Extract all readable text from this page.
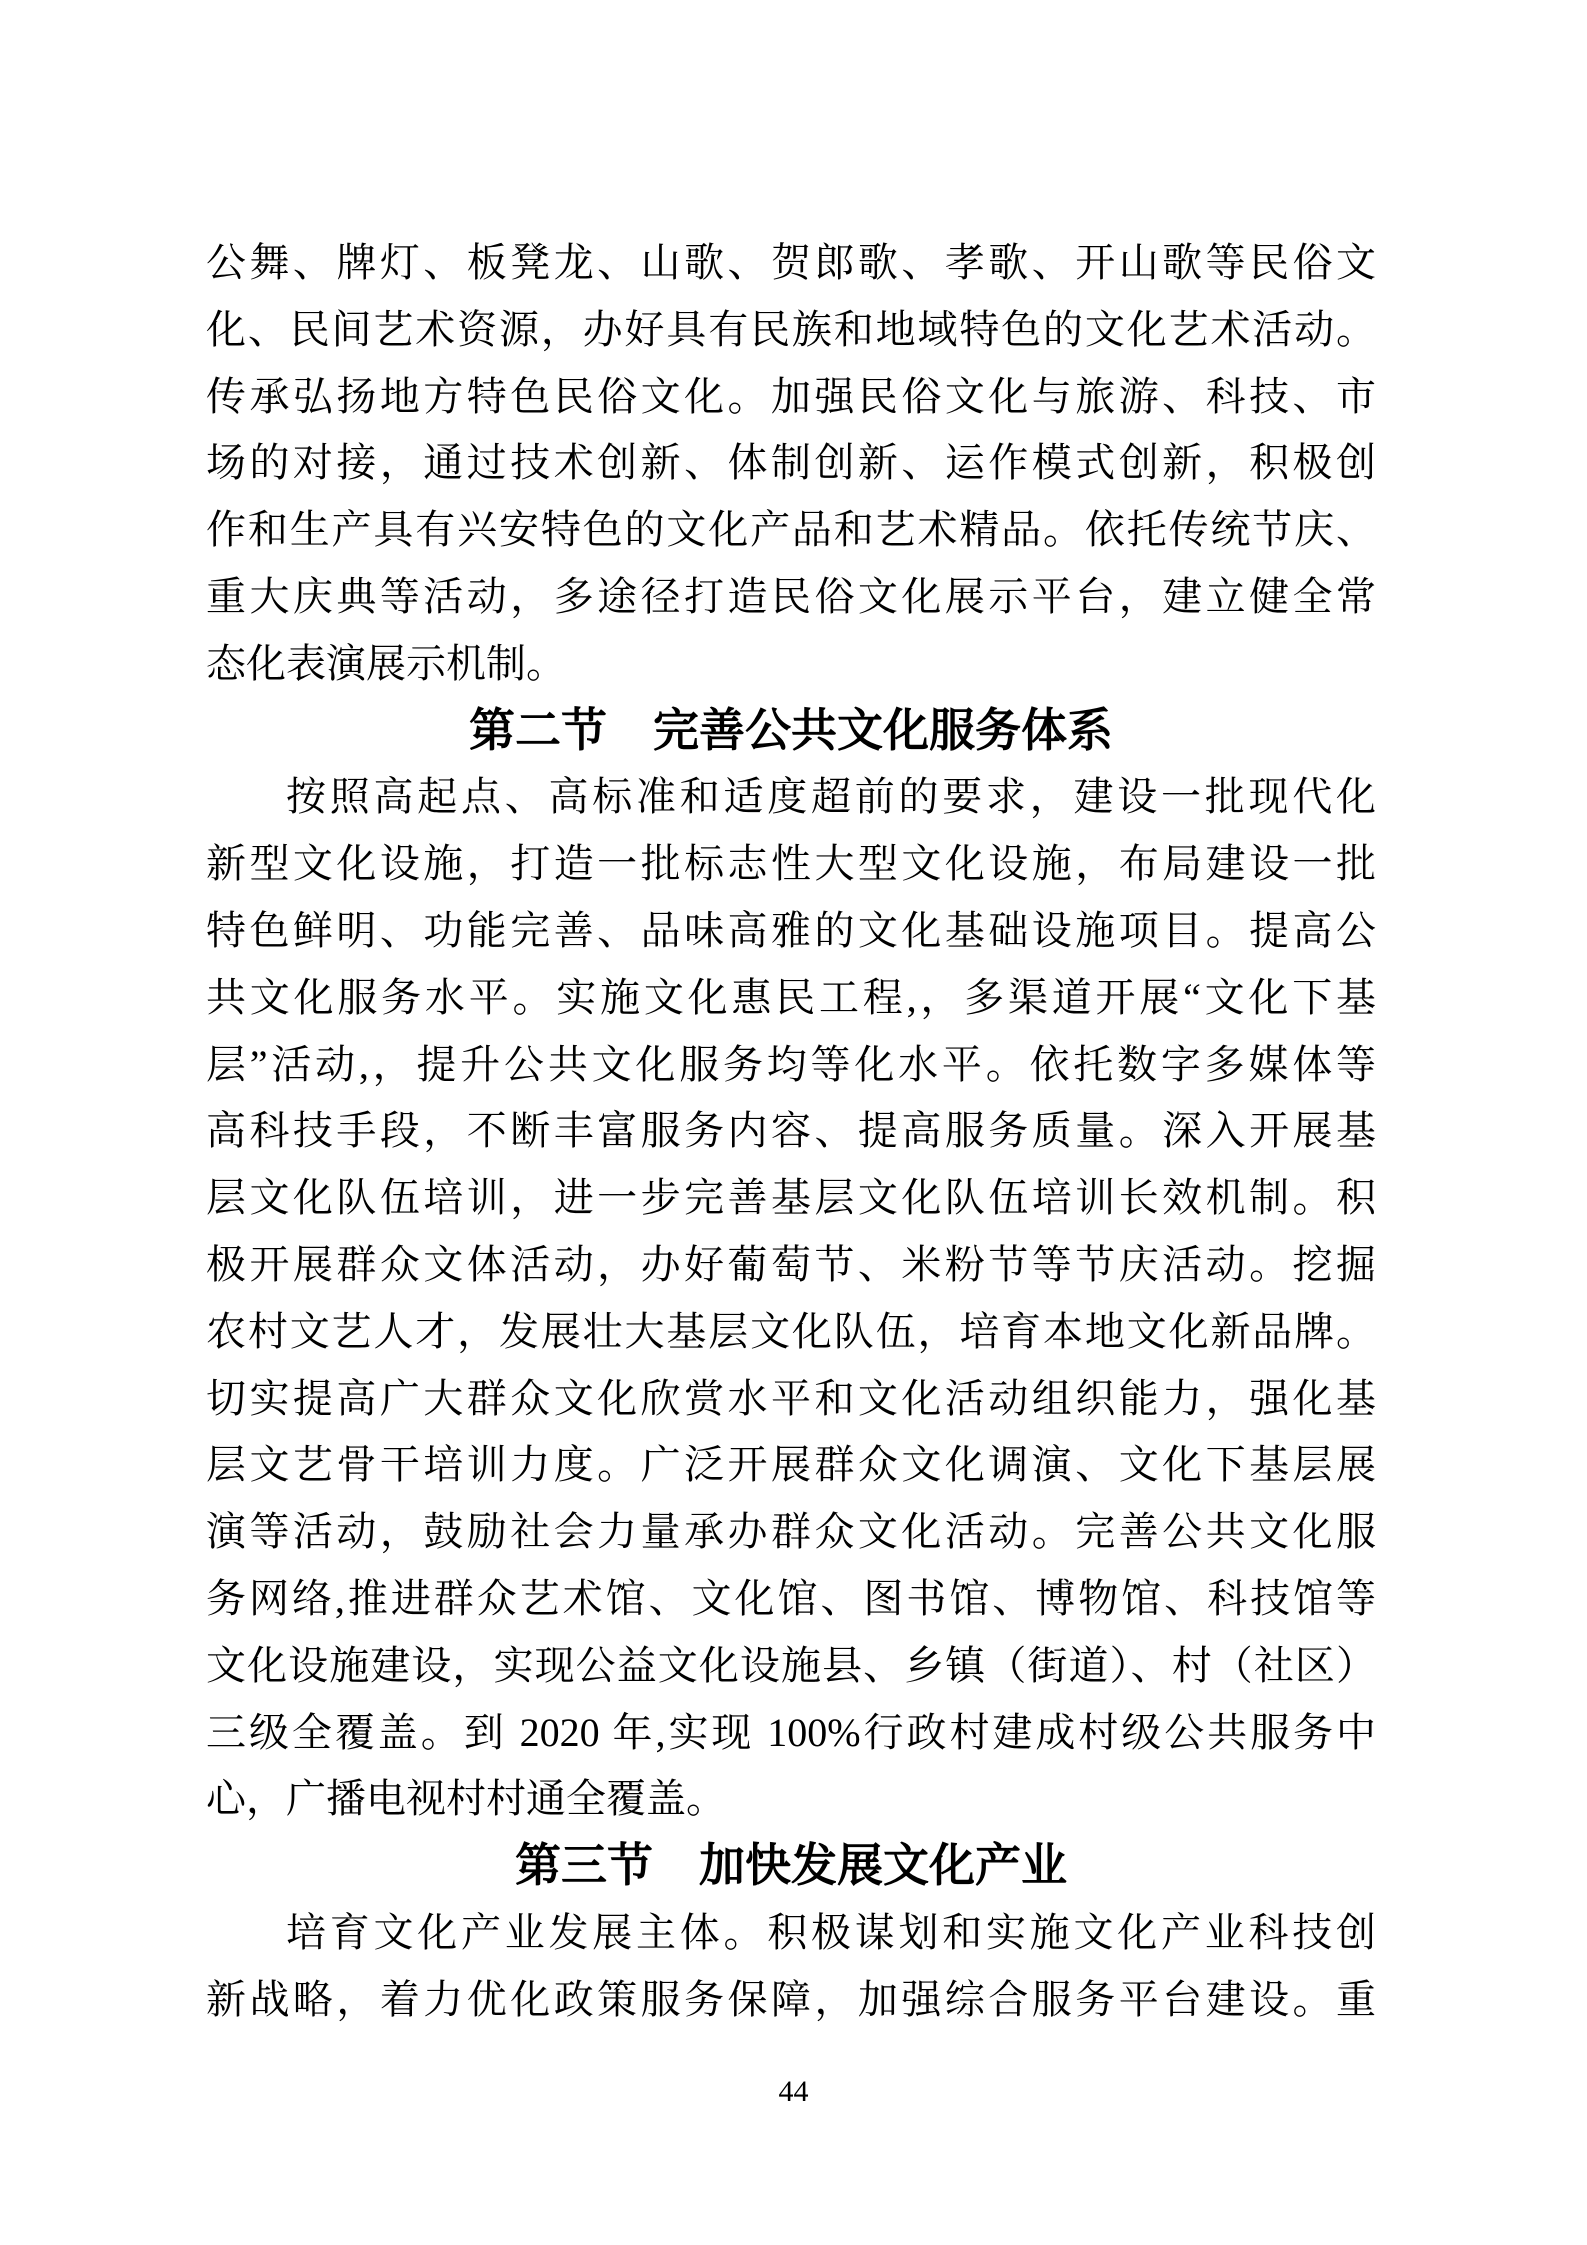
公舞、牌灯、板凳龙、山歌、贺郎歌、孝歌、开山歌等民俗文
化、民间艺术资源，办好具有民族和地域特色的文化艺术活动。
传承弘扬地方特色民俗文化。加强民俗文化与旅游、科技、市
场的对接，通过技术创新、体制创新、运作模式创新，积极创
作和生产具有兴安特色的文化产品和艺术精品。依托传统节庆、
重大庆典等活动，多途径打造民俗文化展示平台，建立健全常
态化表演展示机制。
第二节　完善公共文化服务体系
按照高起点、高标准和适度超前的要求，建设一批现代化
新型文化设施，打造一批标志性大型文化设施，布局建设一批
特色鲜明、功能完善、品味高雅的文化基础设施项目。提高公
共文化服务水平。实施文化惠民工程,，多渠道开展“文化下基
层”活动,，提升公共文化服务均等化水平。依托数字多媒体等
高科技手段，不断丰富服务内容、提高服务质量。深入开展基
层文化队伍培训，进一步完善基层文化队伍培训长效机制。积
极开展群众文体活动，办好葡萄节、米粉节等节庆活动。挖掘
农村文艺人才，发展壮大基层文化队伍，培育本地文化新品牌。
切实提高广大群众文化欣赏水平和文化活动组织能力，强化基
层文艺骨干培训力度。广泛开展群众文化调演、文化下基层展
演等活动，鼓励社会力量承办群众文化活动。完善公共文化服
务网络,推进群众艺术馆、文化馆、图书馆、博物馆、科技馆等
文化设施建设，实现公益文化设施县、乡镇（街道）、村（社区）
三级全覆盖。到 2020 年,实现 100%行政村建成村级公共服务中
心，广播电视村村通全覆盖。
第三节　加快发展文化产业
培育文化产业发展主体。积极谋划和实施文化产业科技创
新战略，着力优化政策服务保障，加强综合服务平台建设。重
44
